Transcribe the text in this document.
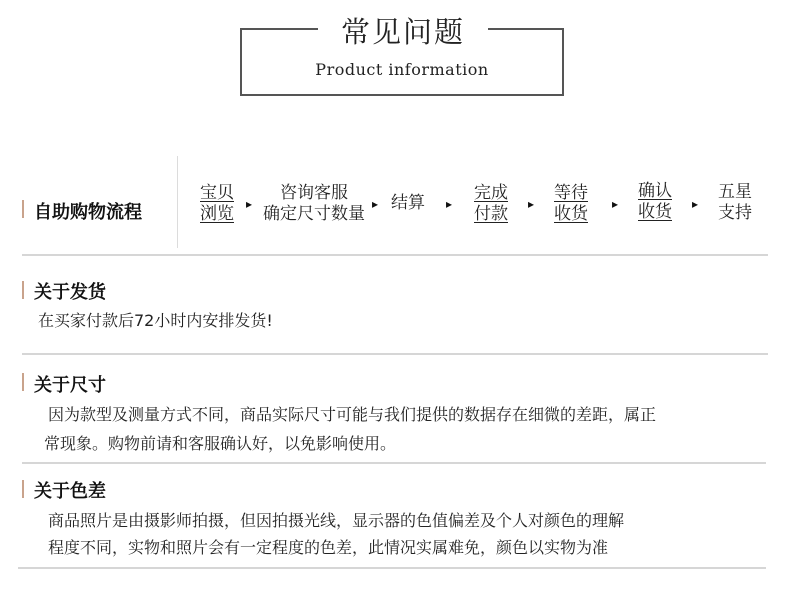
常见问题
Product information
自助购物流程
宝贝
浏览	▸
咨询客服
确定尺寸数量 ▸ 结算	▸
完成
付款	▸
等待
收货	▸
确认
收货	▸
五星
支持
关于发货
在买家付款后72小时内安排发货!
关于尺寸
因为款型及测量方式不同，商品实际尺寸可能与我们提供的数据存在细微的差距，属正
常现象。购物前请和客服确认好，以免影响使用。
关于色差
商品照片是由摄影师拍摄，但因拍摄光线，显示器的色值偏差及个人对颜色的理解
程度不同，实物和照片会有一定程度的色差，此情况实属难免，颜色以实物为准
